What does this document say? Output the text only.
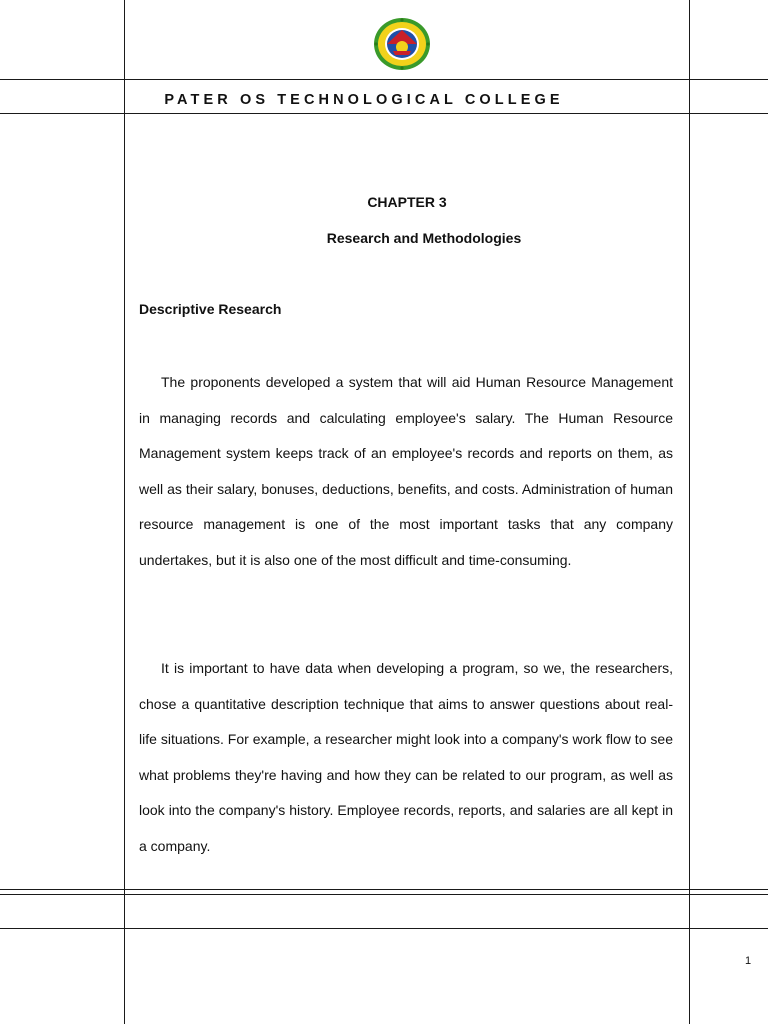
PATER OS TECHNOLOGICAL COLLEGE
CHAPTER 3
Research and Methodologies
Descriptive Research

The proponents developed a system that will aid Human Resource Management in managing records and calculating employee's salary. The Human Resource Management system keeps track of an employee's records and reports on them, as well as their salary, bonuses, deductions, benefits, and costs. Administration of human resource management is one of the most important tasks that any company undertakes, but it is also one of the most difficult and time-consuming.

It is important to have data when developing a program, so we, the researchers, chose a quantitative description technique that aims to answer questions about real-life situations. For example, a researcher might look into a company's work flow to see what problems they're having and how they can be related to our program, as well as look into the company's history. Employee records, reports, and salaries are all kept in a company.

1
